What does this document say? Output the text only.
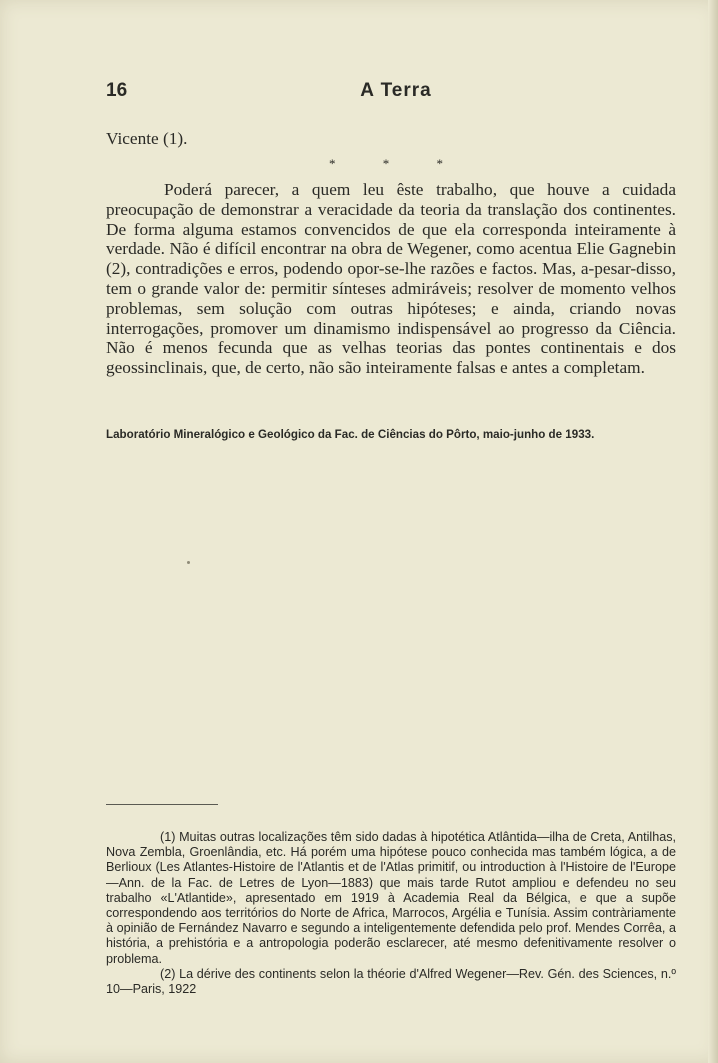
16	A Terra
Vicente (1).
* * *
Poderá parecer, a quem leu êste trabalho, que houve a cuidada preocupação de demonstrar a veracidade da teoria da translação dos continentes. De forma alguma estamos convencidos de que ela corresponda inteiramente à verdade. Não é difícil encontrar na obra de Wegener, como acentua Elie Gagnebin (2), contradições e erros, podendo opor-se-lhe razões e factos. Mas, a-pesar-disso, tem o grande valor de: permitir sínteses admiráveis; resolver de momento velhos problemas, sem solução com outras hipóteses; e ainda, criando novas interrogações, promover um dinamismo indispensável ao progresso da Ciência. Não é menos fecunda que as velhas teorias das pontes continentais e dos geossinclinais, que, de certo, não são inteiramente falsas e antes a completam.
Laboratório Mineralógico e Geológico da Fac. de Ciências do Pôrto, maio-junho de 1933.

(1) Muitas outras localizações têm sido dadas à hipotética Atlântida—ilha de Creta, Antilhas, Nova Zembla, Groenlândia, etc. Há porém uma hipótese pouco conhecida mas também lógica, a de Berlioux (Les Atlantes-Histoire de l'Atlantis et de l'Atlas primitif, ou introduction à l'Histoire de l'Europe—Ann. de la Fac. de Letres de Lyon—1883) que mais tarde Rutot ampliou e defendeu no seu trabalho «L'Atlantide», apresentado em 1919 à Academia Real da Bélgica, e que a supõe correspondendo aos territórios do Norte de Africa, Marrocos, Argélia e Tunísia. Assim contràriamente à opinião de Fernández Navarro e segundo a inteligentemente defendida pelo prof. Mendes Corrêa, a história, a prehistória e a antropologia poderão esclarecer, até mesmo defenitivamente resolver o problema.

(2) La dérive des continents selon la théorie d'Alfred Wegener—Rev. Gén. des Sciences, n.º 10—Paris, 1922
